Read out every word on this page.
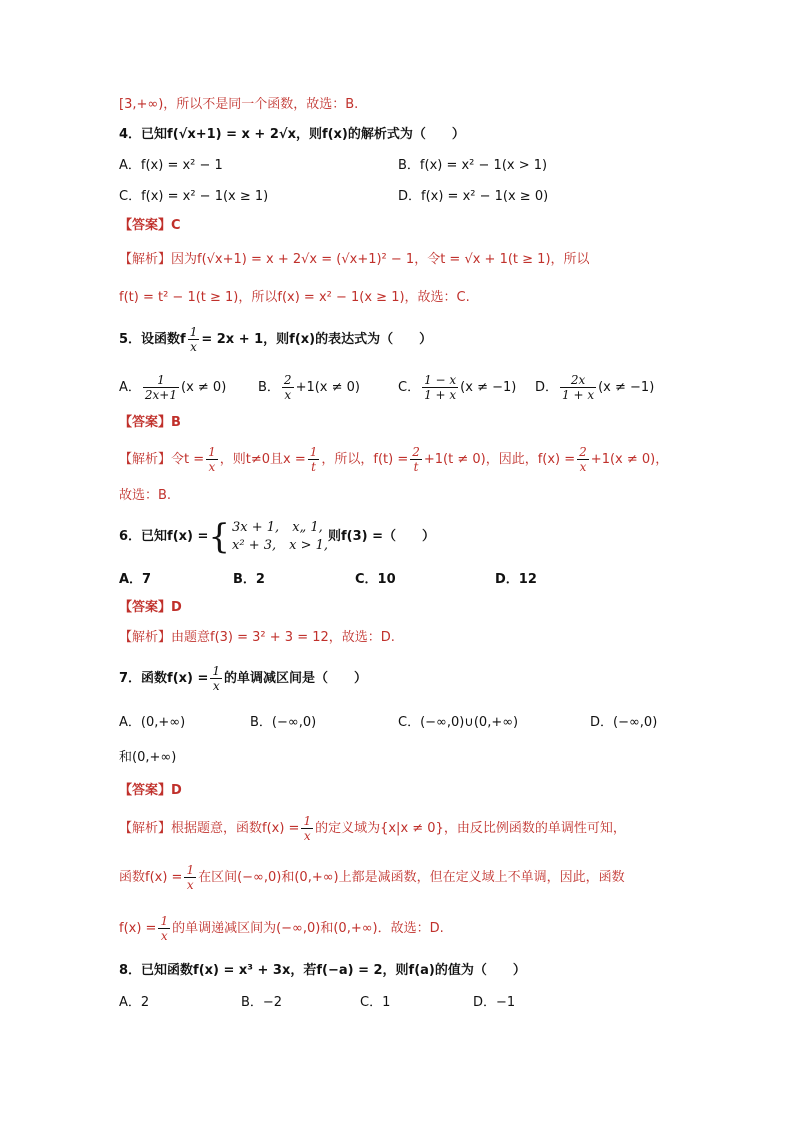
[3,+∞)，所以不是同一个函数，故选：B.
4．已知f(√x+1) = x + 2√x，则f(x)的解析式为（　　）
A．f(x) = x² − 1	B．f(x) = x² − 1(x > 1)
C．f(x) = x² − 1(x ≥ 1)	D．f(x) = x² − 1(x ≥ 0)
【答案】C
【解析】因为f(√x+1) = x + 2√x = (√x+1)² − 1，令t = √x + 1(t ≥ 1)，所以
f(t) = t² − 1(t ≥ 1)，所以f(x) = x² − 1(x ≥ 1)，故选：C.
5．设函数f $\frac{1}{x} = 2x + 1$，则f(x)的表达式为（　　）
A． $\frac{1}{2x+1} (x \ne 0)$ B． $\frac{2}{x} +1(x \ne 0)$	C． $\frac{1 - x}{1 + x} (x \ne -1)$ D． $\frac{2x}{1 + x} (x \ne -1)$
【答案】B
【解析】令$t = \frac{1}{x}$ ，则t≠0且$x = \frac{1}{t}$ ，所以，$f(t) = \frac{2}{t} +1(t \ne 0)$，因此，$f(x) = \frac{2}{x} +1(x \ne 0)$，
故选：B.
6．已知f(x) ={ 3x + 1,　x„ 1,
x² + 3,　x > 1,
则f(3) =（　　）
A．7	B．2	C．10	D．12
【答案】D
【解析】由题意f(3) = 3² + 3 = 12，故选：D.
7．函数$f(x) = \frac{1}{x}$ 的单调减区间是（　　）
A．(0,+∞)	B．(−∞,0)	C．(−∞,0)∪(0,+∞)	D．(−∞,0)
和(0,+∞)
【答案】D
【解析】根据题意，函数$f(x) = \frac{1}{x}$ 的定义域为{x|x ≠ 0}，由反比例函数的单调性可知，
函数$f(x) = \frac{1}{x}$ 在区间(−∞,0)和(0,+∞)上都是减函数，但在定义域上不单调，因此，函数
$f(x) = \frac{1}{x}$ 的单调递减区间为(−∞,0)和(0,+∞)．故选：D.
8．已知函数f(x) = x³ + 3x，若f(−a) = 2，则f(a)的值为（　　）
A．2	B．−2	C．1	D．−1
